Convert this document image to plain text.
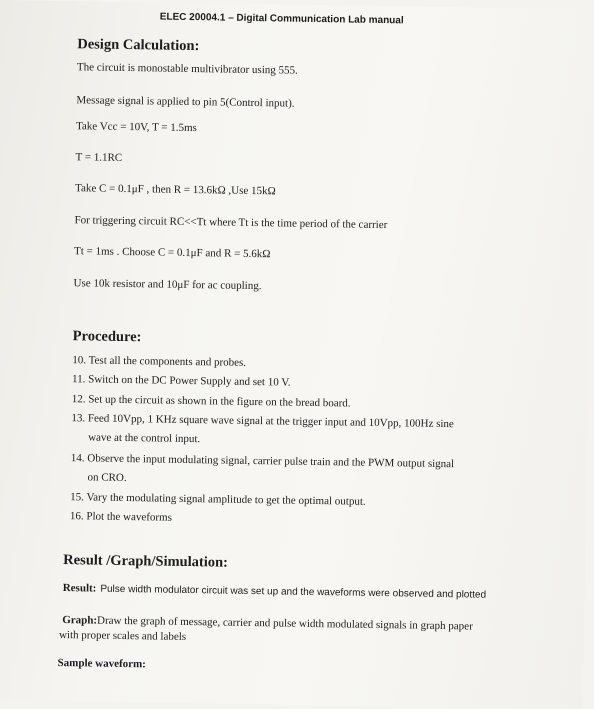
ELEC 20004.1 – Digital Communication Lab manual
Design Calculation:
The circuit is monostable multivibrator using 555.
Message signal is applied to pin 5(Control input).
Take Vcc = 10V, T = 1.5ms
T = 1.1RC
Take C = 0.1μF , then R = 13.6kΩ ,Use 15kΩ
For triggering circuit RC<<Tt where Tt is the time period of the carrier
Tt = 1ms . Choose C = 0.1μF and R = 5.6kΩ
Use 10k resistor and 10μF for ac coupling.
Procedure:
10. Test all the components and probes.
11. Switch on the DC Power Supply and set 10 V.
12. Set up the circuit as shown in the figure on the bread board.
13. Feed 10Vpp, 1 KHz square wave signal at the trigger input and 10Vpp, 100Hz sine
wave at the control input.
14. Observe the input modulating signal, carrier pulse train and the PWM output signal
on CRO.
15. Vary the modulating signal amplitude to get the optimal output.
16. Plot the waveforms
Result /Graph/Simulation:
Result: Pulse width modulator circuit was set up and the waveforms were observed and plotted
Graph:Draw the graph of message, carrier and pulse width modulated signals in graph paper
with proper scales and labels
Sample waveform:
